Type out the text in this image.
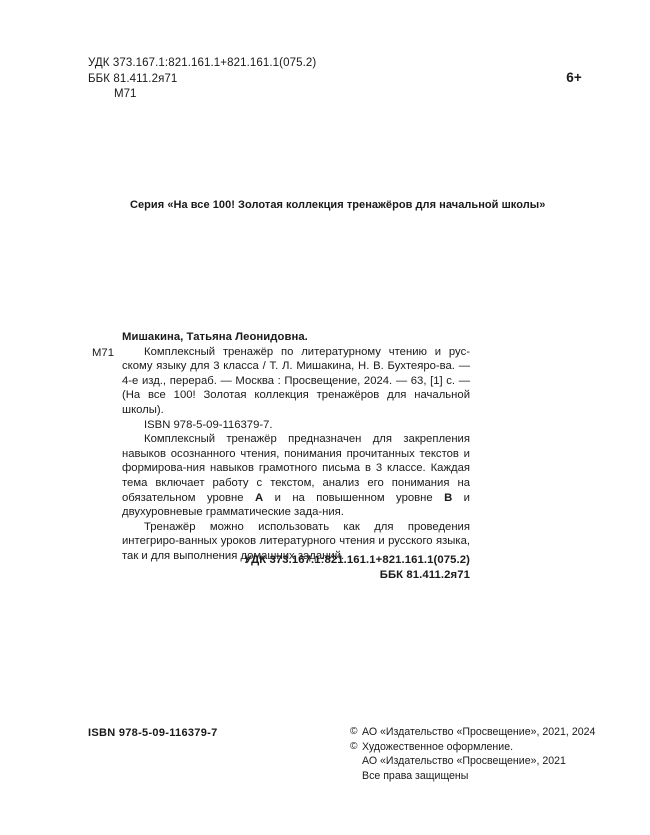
УДК 373.167.1:821.161.1+821.161.1(075.2)
ББК 81.411.2я71
М71
6+
Серия «На все 100! Золотая коллекция тренажёров для начальной школы»
М71

Мишакина, Татьяна Леонидовна.

Комплексный тренажёр по литературному чтению и рус-скому языку для 3 класса / Т. Л. Мишакина, Н. В. Бухтеяро-ва. — 4-е изд., перераб. — Москва : Просвещение, 2024. — 63, [1] с. — (На все 100! Золотая коллекция тренажёров для начальной школы).

ISBN 978-5-09-116379-7.

Комплексный тренажёр предназначен для закрепления навыков осознанного чтения, понимания прочитанных текстов и формирова-ния навыков грамотного письма в 3 классе. Каждая тема включает работу с текстом, анализ его понимания на обязательном уровне А и на повышенном уровне В и двухуровневые грамматические зада-ния.

Тренажёр можно использовать как для проведения интегриро-ванных уроков литературного чтения и русского языка, так и для выполнения домашних заданий.

УДК 373.167.1:821.161.1+821.161.1(075.2)
ББК 81.411.2я71
ISBN 978-5-09-116379-7	© АО «Издательство «Просвещение», 2021, 2024
© Художественное оформление.
АО «Издательство «Просвещение», 2021
Все права защищены
